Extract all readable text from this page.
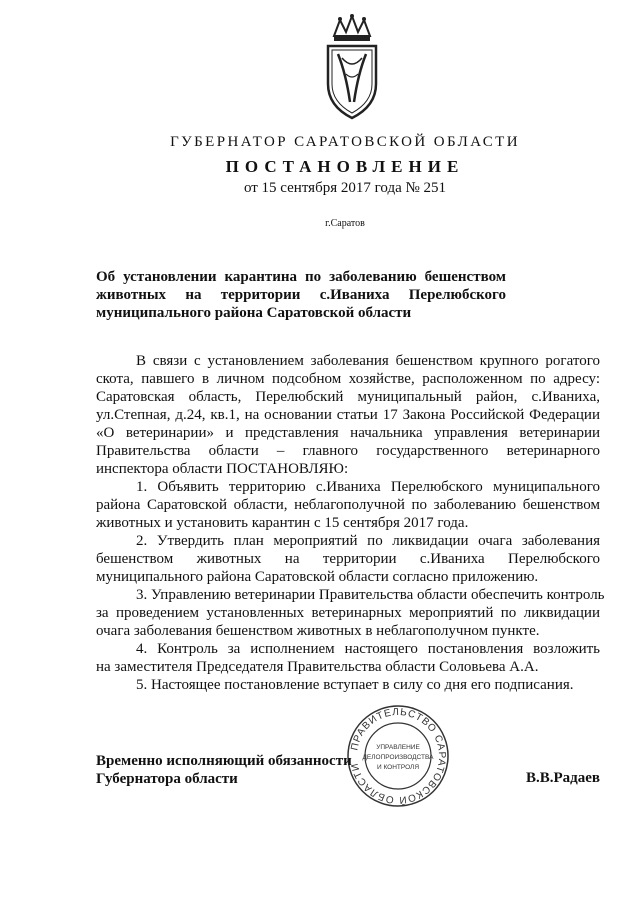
ГУБЕРНАТОР САРАТОВСКОЙ ОБЛАСТИ
ПОСТАНОВЛЕНИЕ
от 15 сентября 2017 года № 251
г.Саратов
Об установлении карантина по заболеванию бешенством
животных на территории с.Иваниха Перелюбского
муниципального района Саратовской области
В связи с установлением заболевания бешенством крупного рогатого
скота, павшего в личном подсобном хозяйстве, расположенном по адресу:
Саратовская область, Перелюбский муниципальный район, с.Иваниха,
ул.Степная, д.24, кв.1, на основании статьи 17 Закона Российской Федерации
«О ветеринарии» и представления начальника управления ветеринарии
Правительства области – главного государственного ветеринарного
инспектора области ПОСТАНОВЛЯЮ:
1. Объявить территорию с.Иваниха Перелюбского муниципального
района Саратовской области, неблагополучной по заболеванию бешенством
животных и установить карантин с 15 сентября 2017 года.
2. Утвердить план мероприятий по ликвидации очага заболевания
бешенством животных на территории с.Иваниха Перелюбского
муниципального района Саратовской области согласно приложению.
3. Управлению ветеринарии Правительства области обеспечить контроль
за проведением установленных ветеринарных мероприятий по ликвидации
очага заболевания бешенством животных в неблагополучном пункте.
4. Контроль за исполнением настоящего постановления возложить
на заместителя Председателя Правительства области Соловьева А.А.
5. Настоящее постановление вступает в силу со дня его подписания.
ПРАВИТЕЛЬСТВО САРАТОВСКОЙ ОБЛАСТИ
УПРАВЛЕНИЕ
ДЕЛОПРОИЗВОДСТВА
И КОНТРОЛЯ
Временно исполняющий обязанности
Губернатора области	В.В.Радаев
